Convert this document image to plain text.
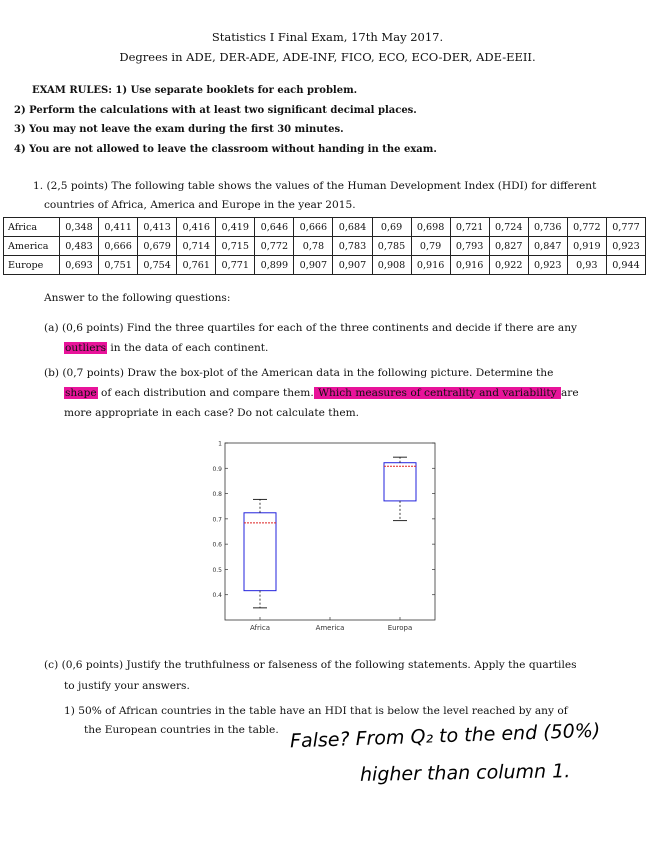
Statistics I Final Exam, 17th May 2017.
Degrees in ADE, DER-ADE, ADE-INF, FICO, ECO, ECO-DER, ADE-EEII.
EXAM RULES: 1) Use separate booklets for each problem.
2) Perform the calculations with at least two significant decimal places.
3) You may not leave the exam during the first 30 minutes.
4) You are not allowed to leave the classroom without handing in the exam.
1. (2,5 points) The following table shows the values of the Human Development Index (HDI) for different
countries of Africa, America and Europe in the year 2015.
Africa	0,348	0,411	0,413	0,416	0,419	0,646	0,666	0,684	0,69	0,698	0,721	0,724	0,736	0,772	0,777
America	0,483	0,666	0,679	0,714	0,715	0,772	0,78	0,783	0,785	0,79	0,793	0,827	0,847	0,919	0,923
Europe	0,693	0,751	0,754	0,761	0,771	0,899	0,907	0,907	0,908	0,916	0,916	0,922	0,923	0,93	0,944
Answer to the following questions:
(a) (0,6 points) Find the three quartiles for each of the three continents and decide if there are any
outliers in the data of each continent.
(b) (0,7 points) Draw the box-plot of the American data in the following picture. Determine the
shape of each distribution and compare them. Which measures of centrality and variability are
more appropriate in each case? Do not calculate them.
0.4
0.5
0.6
0.7
0.8
0.9
1
Africa	America	Europa
(c) (0,6 points) Justify the truthfulness or falseness of the following statements. Apply the quartiles
to justify your answers.
1) 50% of African countries in the table have an HDI that is below the level reached by any of
the European countries in the table. False? From Q₂ to the end (50%)
higher than column 1.
